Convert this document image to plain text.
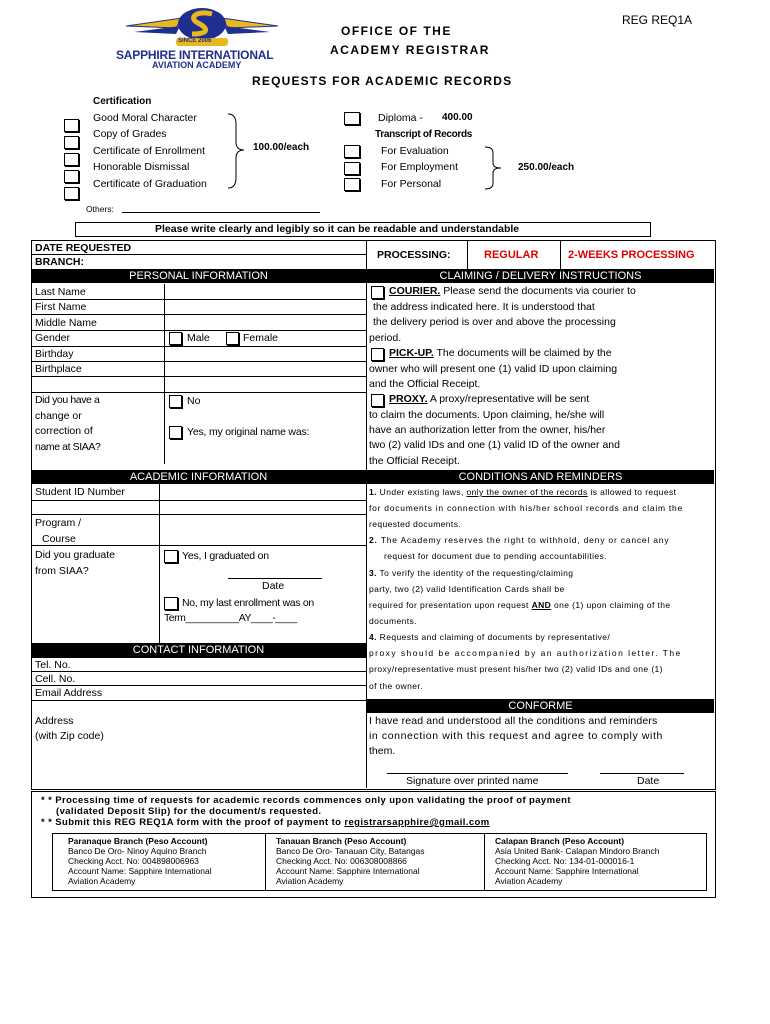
SINCE 2006
SAPPHIRE INTERNATIONAL
AVIATION ACADEMY
REG REQ1A
OFFICE OF THE
ACADEMY REGISTRAR
REQUESTS FOR ACADEMIC RECORDS
Certification
Good Moral Character
Copy of Grades
Certificate of Enrollment
Honorable Dismissal
Certificate of Graduation
100.00/each
Diploma - 400.00
Transcript of Records
For Evaluation
For Employment
For Personal
250.00/each
Others:
Please write clearly and legibly so it can be readable and understandable
DATE REQUESTED
BRANCH:
PROCESSING:	REGULAR	2-WEEKS PROCESSING
PERSONAL INFORMATION	CLAIMING / DELIVERY INSTRUCTIONS
Last Name
First Name
Middle Name
Gender	Male	Female
Birthday
Birthplace
Did you have a
change or
correction of
name at SIAA?
No
Yes, my original name was:
COURIER. Please send the documents via courier to
the address indicated here. It is understood that
the delivery period is over and above the processing
period.
PICK-UP. The documents will be claimed by the
owner who will present one (1) valid ID upon claiming
and the Official Receipt.
PROXY. A proxy/representative will be sent
to claim the documents. Upon claiming, he/she will
have an authorization letter from the owner, his/her
two (2) valid IDs and one (1) valid ID of the owner and
the Official Receipt.
ACADEMIC INFORMATION	CONDITIONS AND REMINDERS
Student ID Number
Program /
Course
Did you graduate
from SIAA?
Yes, I graduated on
Date
No, my last enrollment was on
Term__________AY____-____
1. Under existing laws, only the owner of the records is allowed to request
for documents in connection with his/her school records and claim the
requested documents.
2. The Academy reserves the right to withhold, deny or cancel any
request for document due to pending accountabilities.
3. To verify the identity of the requesting/claiming
party, two (2) valid Identification Cards shall be
required for presentation upon request AND one (1) upon claiming of the
documents.
4. Requests and claiming of documents by representative/
proxy should be accompanied by an authorization letter. The
proxy/representative must present his/her two (2) valid IDs and one (1)
of the owner.
CONTACT INFORMATION
Tel. No.
Cell. No.
Email Address
Address
(with Zip code)
CONFORME
I have read and understood all the conditions and reminders
in connection with this request and agree to comply with
them.
Signature over printed name	Date
* * Processing time of requests for academic records commences only upon validating the proof of payment
(validated Deposit Slip) for the document/s requested.
* * Submit this REG REQ1A form with the proof of payment to registrarsapphire@gmail.com
Paranaque Branch (Peso Account)
Banco De Oro- Ninoy Aquino Branch
Checking Acct. No: 004898006963
Account Name: Sapphire International
Aviation Academy
Tanauan Branch (Peso Account)
Banco De Oro- Tanauan City, Batangas
Checking Acct. No: 006308008866
Account Name: Sapphire International
Aviation Academy
Calapan Branch (Peso Account)
Asia United Bank- Calapan Mindoro Branch
Checking Acct. No: 134-01-000016-1
Account Name: Sapphire International
Aviation Academy
